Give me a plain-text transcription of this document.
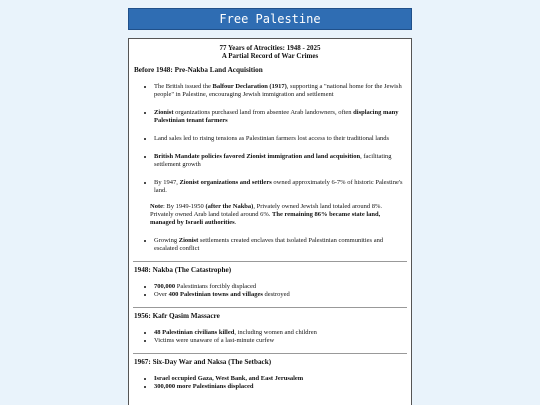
Free Palestine
77 Years of Atrocities: 1948 - 2025
A Partial Record of War Crimes
Before 1948: Pre-Nakba Land Acquisition
• The British issued the Balfour Declaration (1917), supporting a "national home for the Jewish people" in Palestine, encouraging Jewish immigration and settlement
• Zionist organizations purchased land from absentee Arab landowners, often displacing many Palestinian tenant farmers
• Land sales led to rising tensions as Palestinian farmers lost access to their traditional lands
• British Mandate policies favored Zionist immigration and land acquisition, facilitating settlement growth
• By 1947, Zionist organizations and settlers owned approximately 6-7% of historic Palestine's land.
Note: By 1949-1950 (after the Nakba), Privately owned Jewish land totaled around 8%. Privately owned Arab land totaled around 6%. The remaining 86% became state land, managed by Israeli authorities.
• Growing Zionist settlements created enclaves that isolated Palestinian communities and escalated conflict
1948: Nakba (The Catastrophe)
• 700,000 Palestinians forcibly displaced
• Over 400 Palestinian towns and villages destroyed
1956: Kafr Qasim Massacre
• 48 Palestinian civilians killed, including women and children
• Victims were unaware of a last-minute curfew
1967: Six-Day War and Naksa (The Setback)
• Israel occupied Gaza, West Bank, and East Jerusalem
• 300,000 more Palestinians displaced
